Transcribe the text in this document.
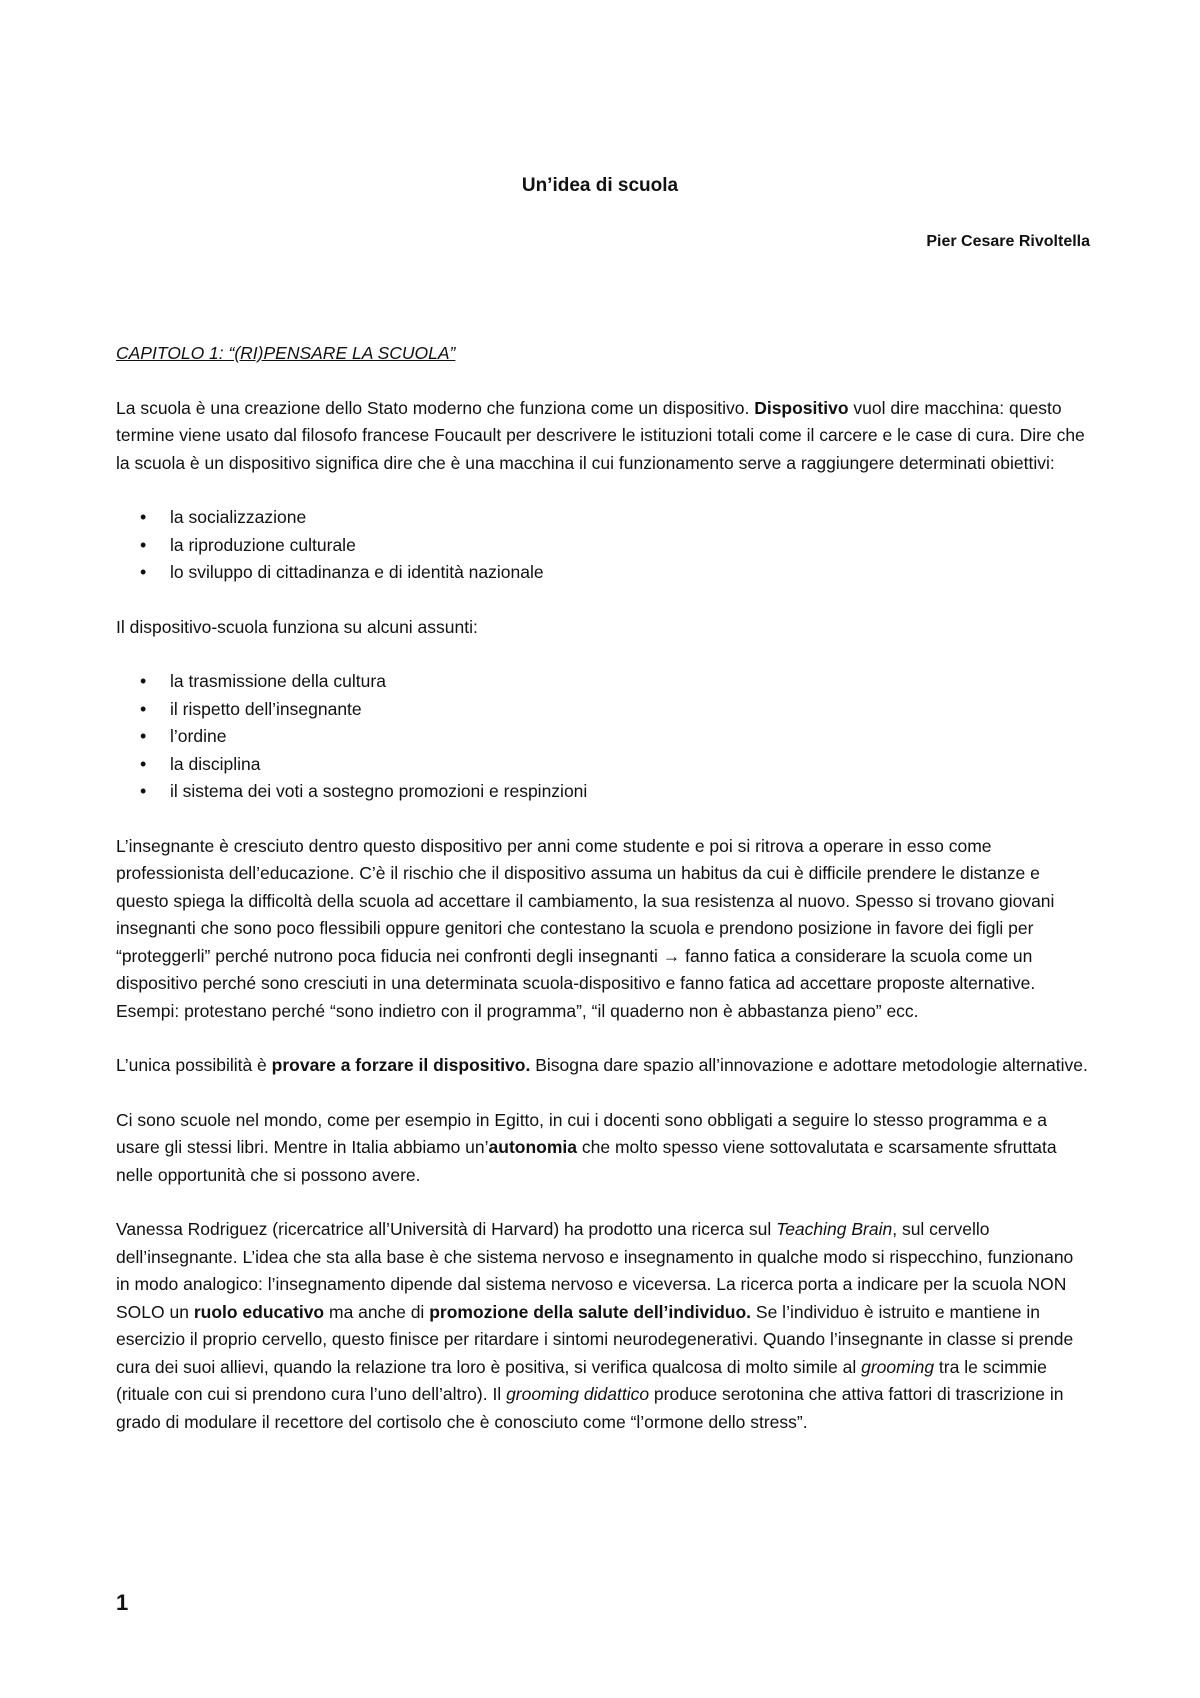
Un’idea di scuola

Pier Cesare Rivoltella

CAPITOLO 1: “(RI)PENSARE LA SCUOLA”

La scuola è una creazione dello Stato moderno che funziona come un dispositivo. Dispositivo vuol dire macchina: questo termine viene usato dal filosofo francese Foucault per descrivere le istituzioni totali come il carcere e le case di cura. Dire che la scuola è un dispositivo significa dire che è una macchina il cui funzionamento serve a raggiungere determinati obiettivi:

• la socializzazione
• la riproduzione culturale
• lo sviluppo di cittadinanza e di identità nazionale

Il dispositivo-scuola funziona su alcuni assunti:

• la trasmissione della cultura
• il rispetto dell’insegnante
• l’ordine
• la disciplina
• il sistema dei voti a sostegno promozioni e respinzioni

L’insegnante è cresciuto dentro questo dispositivo per anni come studente e poi si ritrova a operare in esso come professionista dell’educazione. C’è il rischio che il dispositivo assuma un habitus da cui è difficile prendere le distanze e questo spiega la difficoltà della scuola ad accettare il cambiamento, la sua resistenza al nuovo. Spesso si trovano giovani insegnanti che sono poco flessibili oppure genitori che contestano la scuola e prendono posizione in favore dei figli per “proteggerli” perché nutrono poca fiducia nei confronti degli insegnanti → fanno fatica a considerare la scuola come un dispositivo perché sono cresciuti in una determinata scuola-dispositivo e fanno fatica ad accettare proposte alternative. Esempi: protestano perché “sono indietro con il programma”, “il quaderno non è abbastanza pieno” ecc.

L’unica possibilità è provare a forzare il dispositivo. Bisogna dare spazio all’innovazione e adottare metodologie alternative.

Ci sono scuole nel mondo, come per esempio in Egitto, in cui i docenti sono obbligati a seguire lo stesso programma e a usare gli stessi libri. Mentre in Italia abbiamo un’autonomia che molto spesso viene sottovalutata e scarsamente sfruttata nelle opportunità che si possono avere.

Vanessa Rodriguez (ricercatrice all’Università di Harvard) ha prodotto una ricerca sul Teaching Brain, sul cervello dell’insegnante. L’idea che sta alla base è che sistema nervoso e insegnamento in qualche modo si rispecchino, funzionano in modo analogico: l’insegnamento dipende dal sistema nervoso e viceversa. La ricerca porta a indicare per la scuola NON SOLO un ruolo educativo ma anche di promozione della salute dell’individuo. Se l’individuo è istruito e mantiene in esercizio il proprio cervello, questo finisce per ritardare i sintomi neurodegenerativi. Quando l’insegnante in classe si prende cura dei suoi allievi, quando la relazione tra loro è positiva, si verifica qualcosa di molto simile al grooming tra le scimmie (rituale con cui si prendono cura l’uno dell’altro). Il grooming didattico produce serotonina che attiva fattori di trascrizione in grado di modulare il recettore del cortisolo che è conosciuto come “l’ormone dello stress”.

1
